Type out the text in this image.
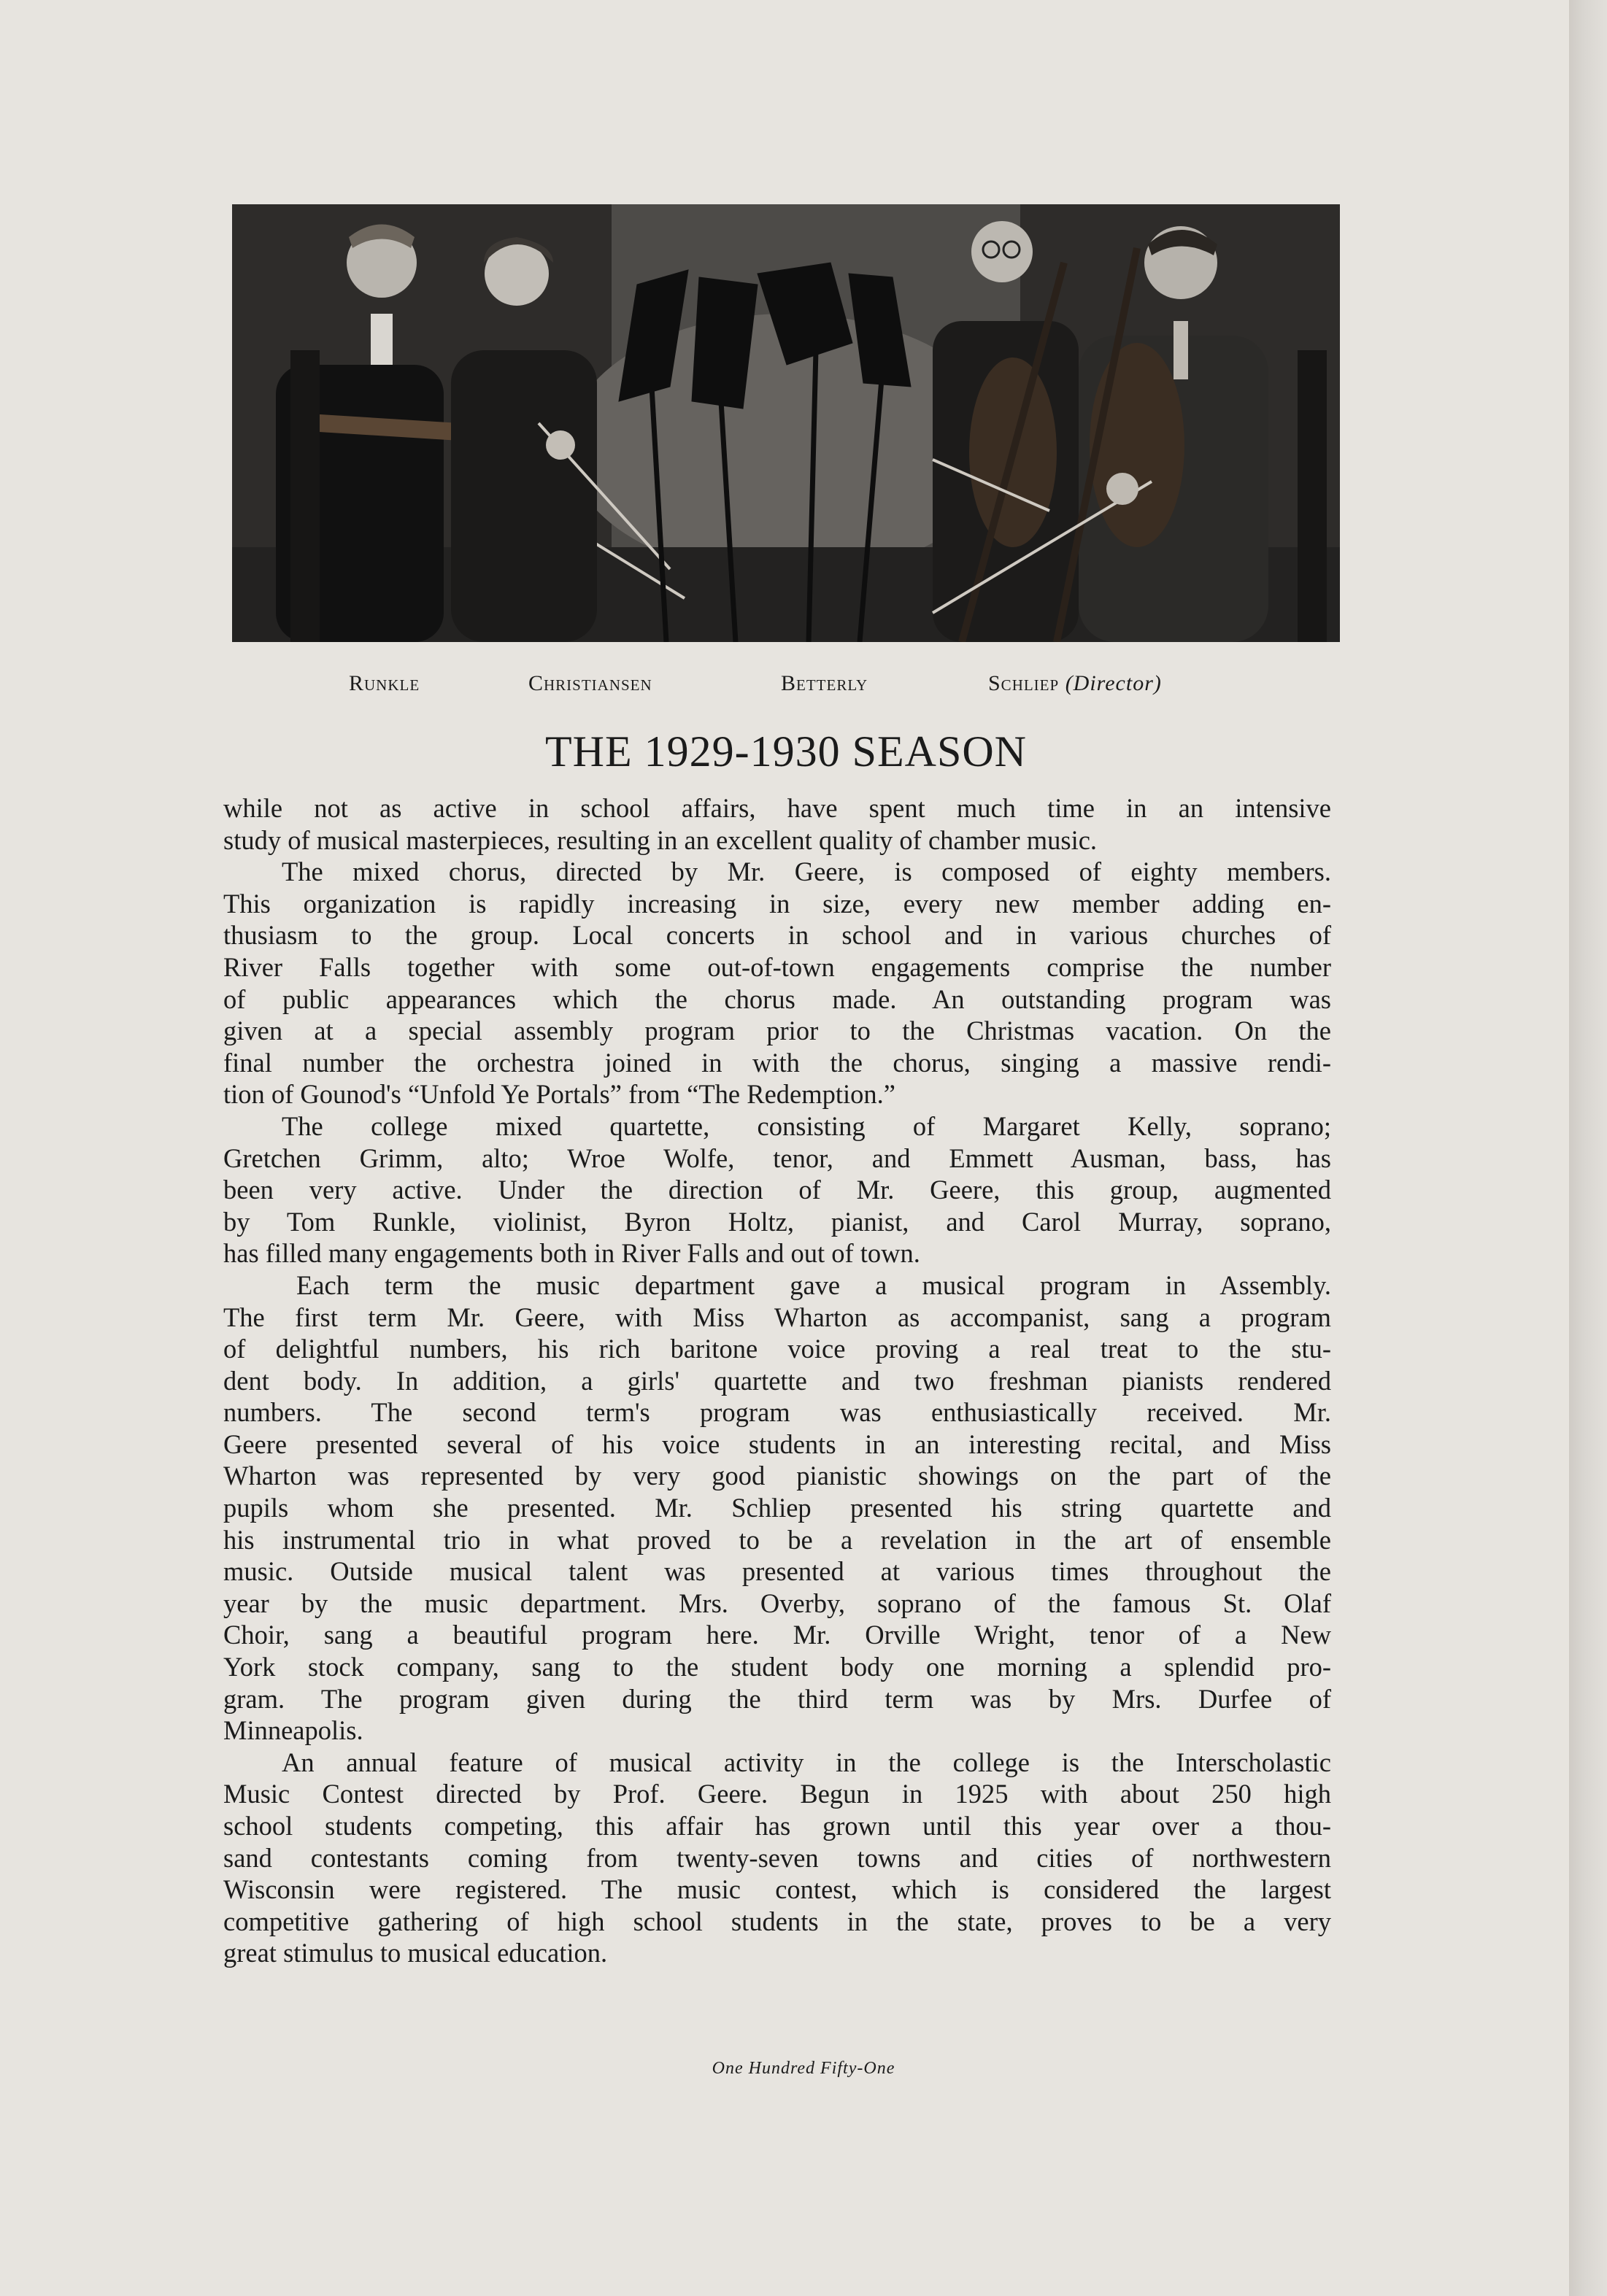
Runkle	Christiansen	Betterly	Schliep (Director)
THE 1929-1930 SEASON
while not as active in school affairs, have spent much time in an intensive
study of musical masterpieces, resulting in an excellent quality of chamber music.
The mixed chorus, directed by Mr. Geere, is composed of eighty members.
This organization is rapidly increasing in size, every new member adding en-
thusiasm to the group. Local concerts in school and in various churches of
River Falls together with some out-of-town engagements comprise the number
of public appearances which the chorus made. An outstanding program was
given at a special assembly program prior to the Christmas vacation. On the
final number the orchestra joined in with the chorus, singing a massive rendi-
tion of Gounod's “Unfold Ye Portals” from “The Redemption.”
The college mixed quartette, consisting of Margaret Kelly, soprano;
Gretchen Grimm, alto; Wroe Wolfe, tenor, and Emmett Ausman, bass, has
been very active. Under the direction of Mr. Geere, this group, augmented
by Tom Runkle, violinist, Byron Holtz, pianist, and Carol Murray, soprano,
has filled many engagements both in River Falls and out of town.
Each term the music department gave a musical program in Assembly.
The first term Mr. Geere, with Miss Wharton as accompanist, sang a program
of delightful numbers, his rich baritone voice proving a real treat to the stu-
dent body. In addition, a girls' quartette and two freshman pianists rendered
numbers. The second term's program was enthusiastically received. Mr.
Geere presented several of his voice students in an interesting recital, and Miss
Wharton was represented by very good pianistic showings on the part of the
pupils whom she presented. Mr. Schliep presented his string quartette and
his instrumental trio in what proved to be a revelation in the art of ensemble
music. Outside musical talent was presented at various times throughout the
year by the music department. Mrs. Overby, soprano of the famous St. Olaf
Choir, sang a beautiful program here. Mr. Orville Wright, tenor of a New
York stock company, sang to the student body one morning a splendid pro-
gram. The program given during the third term was by Mrs. Durfee of
Minneapolis.
An annual feature of musical activity in the college is the Interscholastic
Music Contest directed by Prof. Geere. Begun in 1925 with about 250 high
school students competing, this affair has grown until this year over a thou-
sand contestants coming from twenty-seven towns and cities of northwestern
Wisconsin were registered. The music contest, which is considered the largest
competitive gathering of high school students in the state, proves to be a very
great stimulus to musical education.
One Hundred Fifty-One
